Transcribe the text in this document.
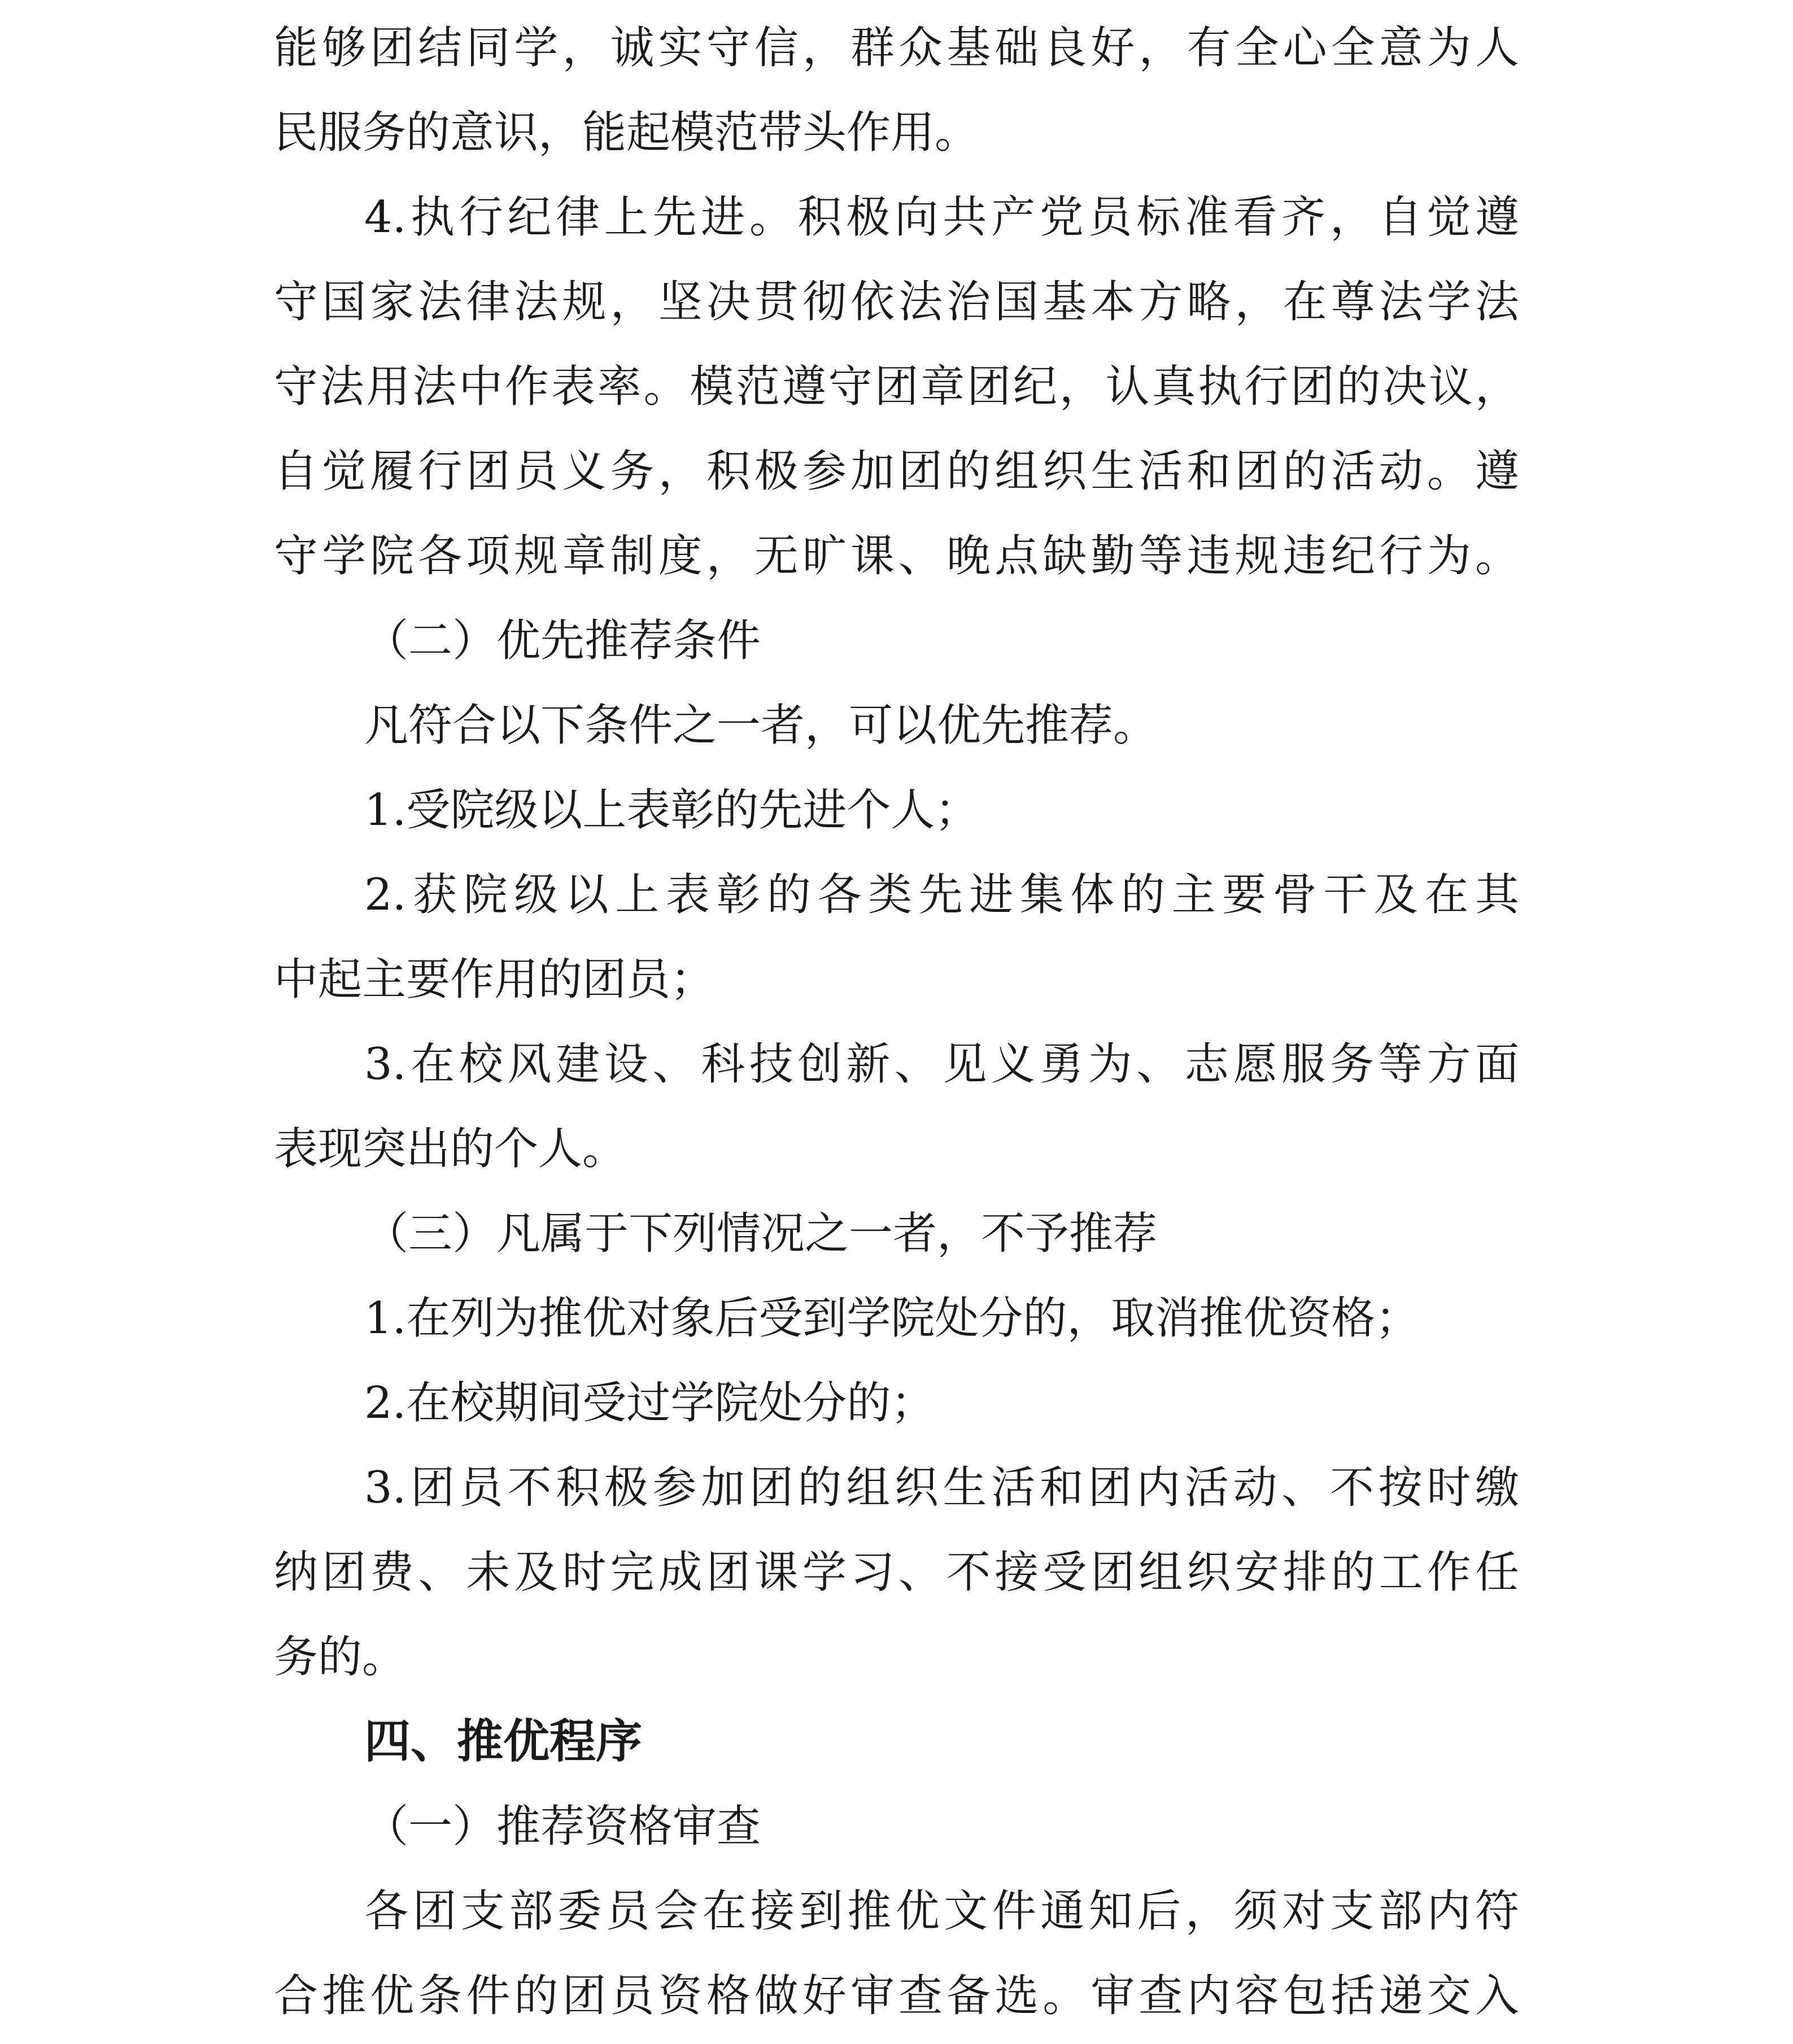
能够团结同学，诚实守信，群众基础良好，有全心全意为人
民服务的意识，能起模范带头作用。
4.执行纪律上先进。积极向共产党员标准看齐，自觉遵
守国家法律法规，坚决贯彻依法治国基本方略，在尊法学法
守法用法中作表率。模范遵守团章团纪，认真执行团的决议，
自觉履行团员义务，积极参加团的组织生活和团的活动。遵
守学院各项规章制度，无旷课、晚点缺勤等违规违纪行为。
（二）优先推荐条件
凡符合以下条件之一者，可以优先推荐。
1.受院级以上表彰的先进个人；
2.获院级以上表彰的各类先进集体的主要骨干及在其
中起主要作用的团员；
3.在校风建设、科技创新、见义勇为、志愿服务等方面
表现突出的个人。
（三）凡属于下列情况之一者，不予推荐
1.在列为推优对象后受到学院处分的，取消推优资格；
2.在校期间受过学院处分的；
3.团员不积极参加团的组织生活和团内活动、不按时缴
纳团费、未及时完成团课学习、不接受团组织安排的工作任
务的。
四、推优程序
（一）推荐资格审查
各团支部委员会在接到推优文件通知后，须对支部内符
合推优条件的团员资格做好审查备选。审查内容包括递交入
